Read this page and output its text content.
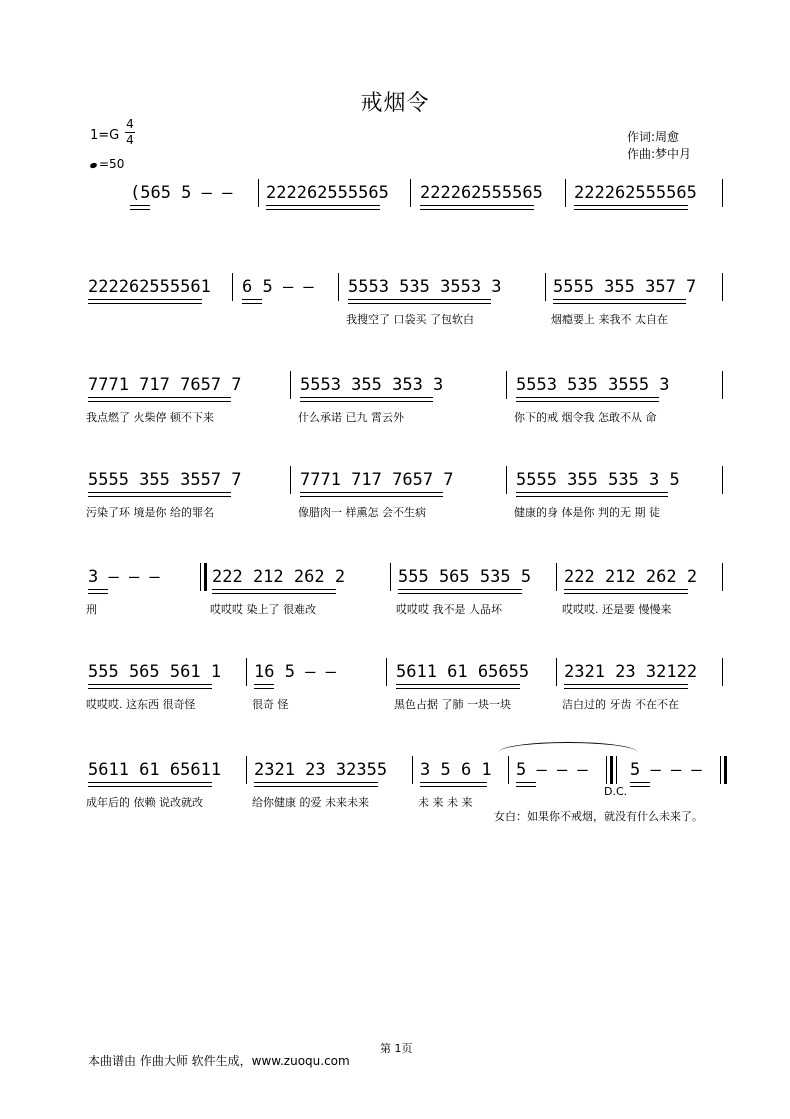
戒烟令
1=G
4
4
=50
作词:周愈
作曲:梦中月
(565 5 — —	222262555565	222262555565	222262555565
222262555561	6 5 — —	5553 535 3553 3
我搜空了 口袋买 了包软白
5555 355 357 7
烟瘾要上 来我不 太自在
7771 717 7657 7
我点燃了 火柴停 顿不下来
5553 355 353 3
什么承诺 已九 霄云外
5553 535 3555 3
你下的戒 烟令我 怎敢不从 命
5555 355 3557 7
污染了环 境是你 给的罪名
7771 717 7657 7
像腊肉一 样熏怎 会不生病
5555 355 535 3 5
健康的身 体是你 判的无 期 徒
3 — — —
刑
222 212 262 2
哎哎哎 染上了 很难改
555 565 535 5
哎哎哎 我不是 人品坏
222 212 262 2
哎哎哎. 还是要 慢慢来
555 565 561 1
哎哎哎. 这东西 很奇怪
16 5 — —
很奇 怪
5611 61 65655
黑色占据 了肺 一块一块
2321 23 32122
洁白过的 牙齿 不在不在
5611 61 65611
成年后的 依赖 说改就改
2321 23 32355
给你健康 的爱 未来未来
3 5 6 1
未 来 未 来
5 — — —	5 — — —
D.C.
女白：如果你不戒烟，就没有什么未来了。
第 1页
本曲谱由 作曲大师 软件生成，www.zuoqu.com
